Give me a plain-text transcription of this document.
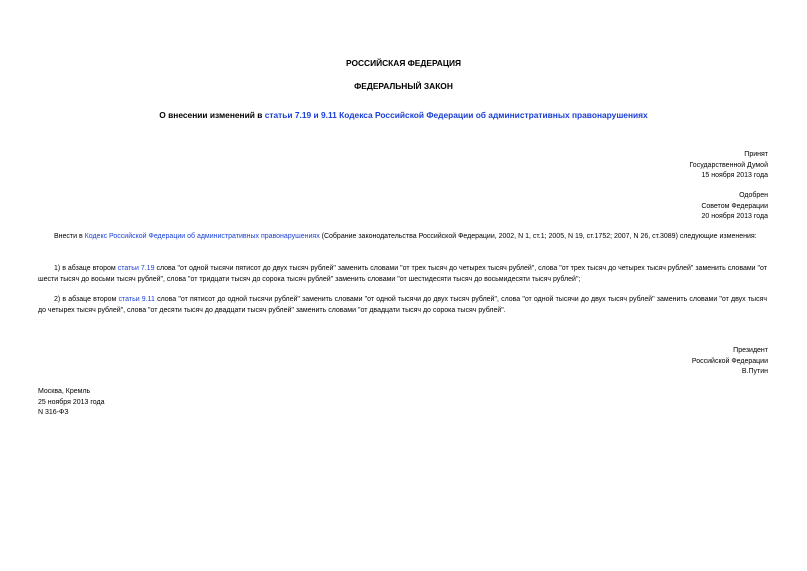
РОССИЙСКАЯ ФЕДЕРАЦИЯ
ФЕДЕРАЛЬНЫЙ ЗАКОН
О внесении изменений в статьи 7.19 и 9.11 Кодекса Российской Федерации об административных правонарушениях
Принят
Государственной Думой
15 ноября 2013 года
Одобрен
Советом Федерации
20 ноября 2013 года

Внести в Кодекс Российской Федерации об административных правонарушениях (Собрание законодательства Российской Федерации, 2002, N 1, ст.1; 2005, N 19, ст.1752; 2007, N 26, ст.3089) следующие изменения:

1) в абзаце втором статьи 7.19 слова "от одной тысячи пятисот до двух тысяч рублей" заменить словами "от трех тысяч до четырех тысяч рублей", слова "от трех тысяч до четырех тысяч рублей" заменить словами "от шести тысяч до восьми тысяч рублей", слова "от тридцати тысяч до сорока тысяч рублей" заменить словами "от шестидесяти тысяч до восьмидесяти тысяч рублей";

2) в абзаце втором статьи 9.11 слова "от пятисот до одной тысячи рублей" заменить словами "от одной тысячи до двух тысяч рублей", слова "от одной тысячи до двух тысяч рублей" заменить словами "от двух тысяч до четырех тысяч рублей", слова "от десяти тысяч до двадцати тысяч рублей" заменить словами "от двадцати тысяч до сорока тысяч рублей".

Президент
Российской Федерации
В.Путин
Москва, Кремль
25 ноября 2013 года
N 316-ФЗ
